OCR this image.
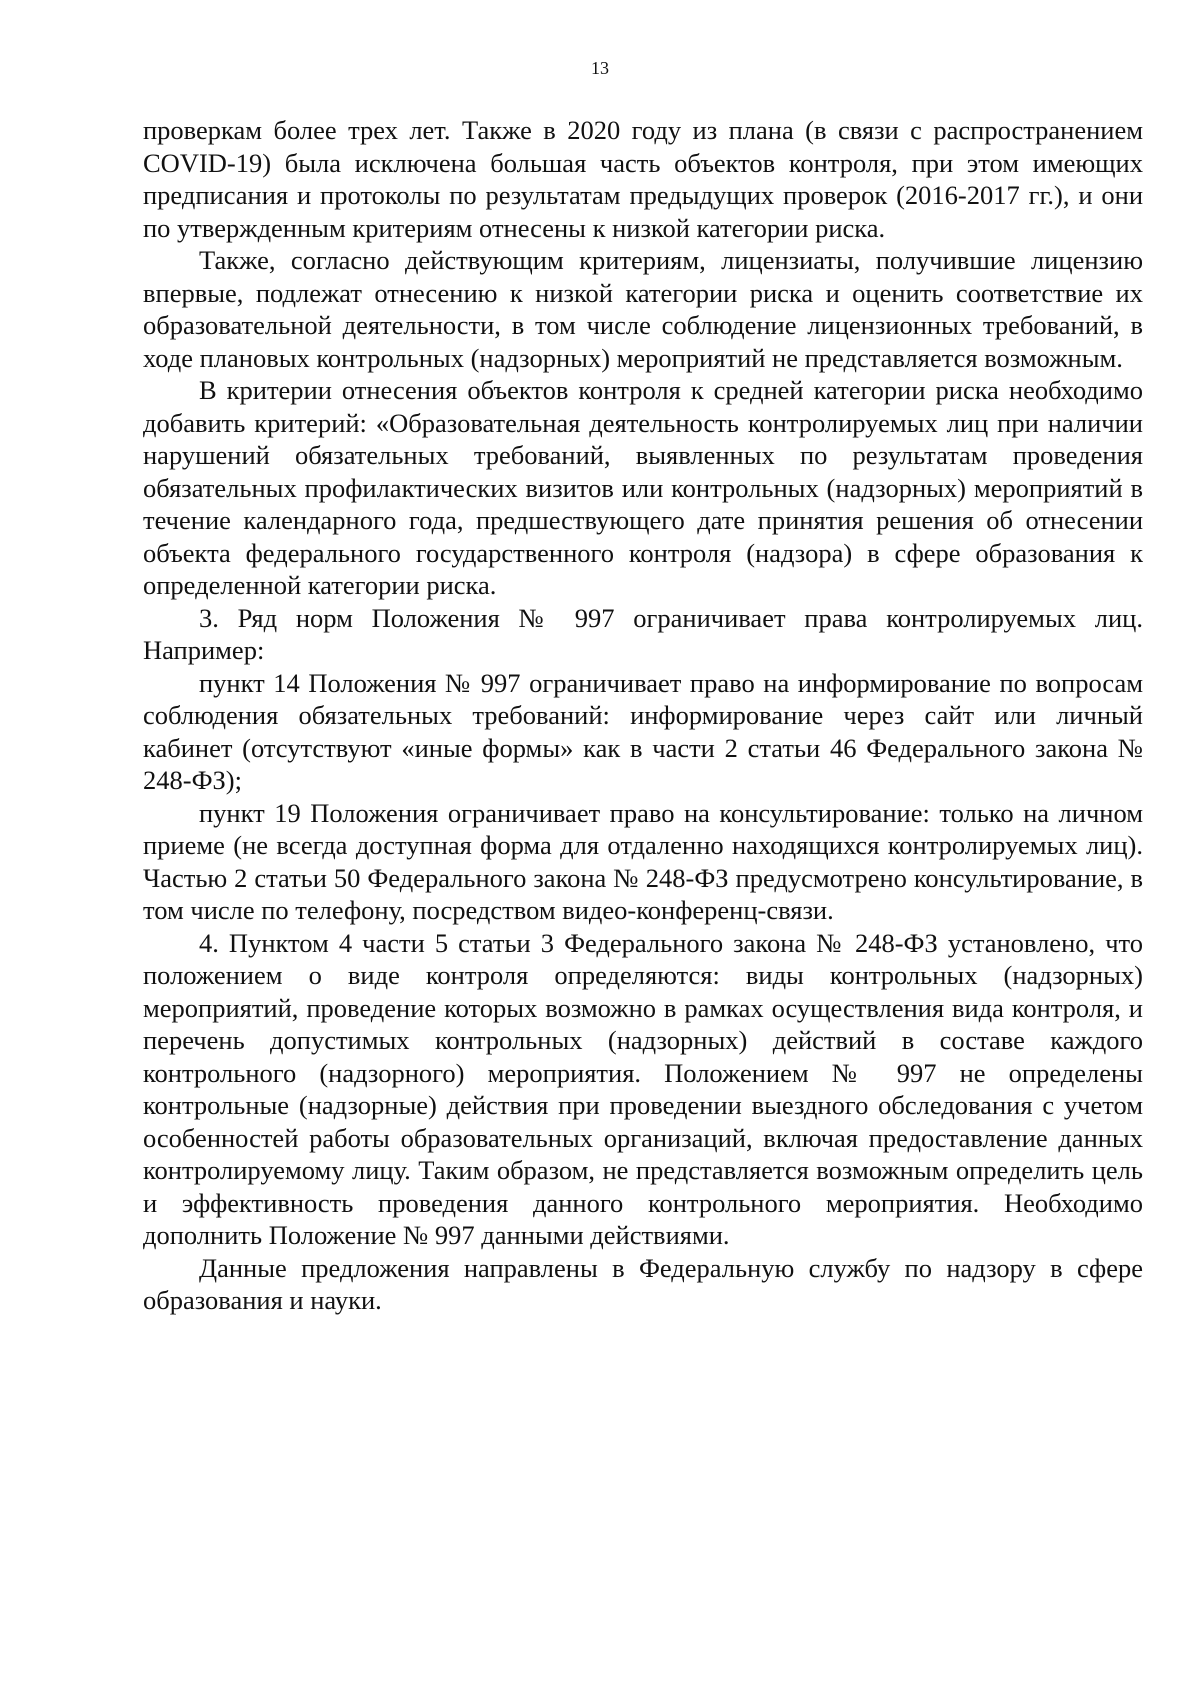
13

проверкам более трех лет. Также в 2020 году из плана (в связи с распространением COVID-19) была исключена большая часть объектов контроля, при этом имеющих предписания и протоколы по результатам предыдущих проверок (2016-2017 гг.), и они по утвержденным критериям отнесены к низкой категории риска.

Также, согласно действующим критериям, лицензиаты, получившие лицензию впервые, подлежат отнесению к низкой категории риска и оценить соответствие их образовательной деятельности, в том числе соблюдение лицензионных требований, в ходе плановых контрольных (надзорных) мероприятий не представляется возможным.

В критерии отнесения объектов контроля к средней категории риска необходимо добавить критерий: «Образовательная деятельность контролируемых лиц при наличии нарушений обязательных требований, выявленных по результатам проведения обязательных профилактических визитов или контрольных (надзорных) мероприятий в течение календарного года, предшествующего дате принятия решения об отнесении объекта федерального государственного контроля (надзора) в сфере образования к определенной категории риска.

3. Ряд норм Положения № 997 ограничивает права контролируемых лиц. Например:

пункт 14 Положения № 997 ограничивает право на информирование по вопросам соблюдения обязательных требований: информирование через сайт или личный кабинет (отсутствуют «иные формы» как в части 2 статьи 46 Федерального закона № 248-ФЗ);

пункт 19 Положения ограничивает право на консультирование: только на личном приеме (не всегда доступная форма для отдаленно находящихся контролируемых лиц). Частью 2 статьи 50 Федерального закона № 248-ФЗ предусмотрено консультирование, в том числе по телефону, посредством видео-конференц-связи.

4. Пунктом 4 части 5 статьи 3 Федерального закона № 248-ФЗ установлено, что положением о виде контроля определяются: виды контрольных (надзорных) мероприятий, проведение которых возможно в рамках осуществления вида контроля, и перечень допустимых контрольных (надзорных) действий в составе каждого контрольного (надзорного) мероприятия. Положением № 997 не определены контрольные (надзорные) действия при проведении выездного обследования с учетом особенностей работы образовательных организаций, включая предоставление данных контролируемому лицу. Таким образом, не представляется возможным определить цель и эффективность проведения данного контрольного мероприятия. Необходимо дополнить Положение № 997 данными действиями.

Данные предложения направлены в Федеральную службу по надзору в сфере образования и науки.
